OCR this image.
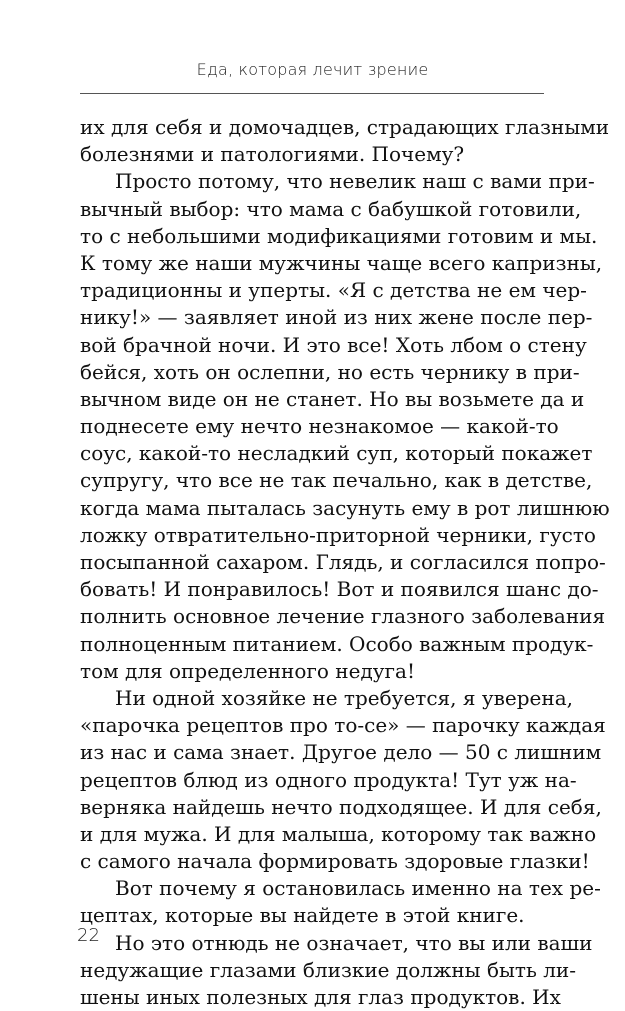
Еда, которая лечит зрение
их для себя и домочадцев, страдающих глазными
болезнями и патологиями. Почему?
Просто потому, что невелик наш с вами при-
вычный выбор: что мама с бабушкой готовили,
то с небольшими модификациями готовим и мы.
К тому же наши мужчины чаще всего капризны,
традиционны и уперты. «Я с детства не ем чер-
нику!» — заявляет иной из них жене после пер-
вой брачной ночи. И это все! Хоть лбом о стену
бейся, хоть он ослепни, но есть чернику в при-
вычном виде он не станет. Но вы возьмете да и
поднесете ему нечто незнакомое — какой-то
соус, какой-то несладкий суп, который покажет
супругу, что все не так печально, как в детстве,
когда мама пыталась засунуть ему в рот лишнюю
ложку отвратительно-приторной черники, густо
посыпанной сахаром. Глядь, и согласился попро-
бовать! И понравилось! Вот и появился шанс до-
полнить основное лечение глазного заболевания
полноценным питанием. Особо важным продук-
том для определенного недуга!
Ни одной хозяйке не требуется, я уверена,
«парочка рецептов про то-се» — парочку каждая
из нас и сама знает. Другое дело — 50 с лишним
рецептов блюд из одного продукта! Тут уж на-
верняка найдешь нечто подходящее. И для себя,
и для мужа. И для малыша, которому так важно
с самого начала формировать здоровые глазки!
Вот почему я остановилась именно на тех ре-
цептах, которые вы найдете в этой книге.
Но это отнюдь не означает, что вы или ваши
недужащие глазами близкие должны быть ли-
шены иных полезных для глаз продуктов. Их
22
